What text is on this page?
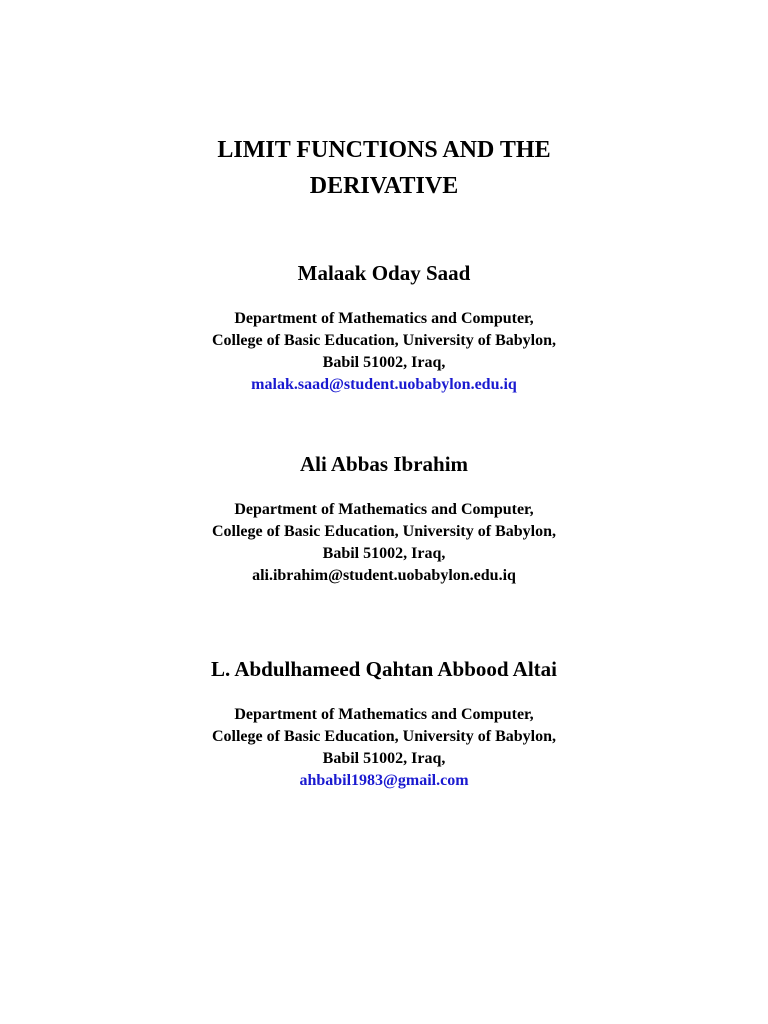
LIMIT FUNCTIONS AND THE
DERIVATIVE

Malaak Oday Saad

Department of Mathematics and Computer,
College of Basic Education, University of Babylon,
Babil 51002, Iraq,
malak.saad@student.uobabylon.edu.iq

Ali Abbas Ibrahim

Department of Mathematics and Computer,
College of Basic Education, University of Babylon,
Babil 51002, Iraq,
ali.ibrahim@student.uobabylon.edu.iq

L. Abdulhameed Qahtan Abbood Altai

Department of Mathematics and Computer,
College of Basic Education, University of Babylon,
Babil 51002, Iraq,
ahbabil1983@gmail.com
